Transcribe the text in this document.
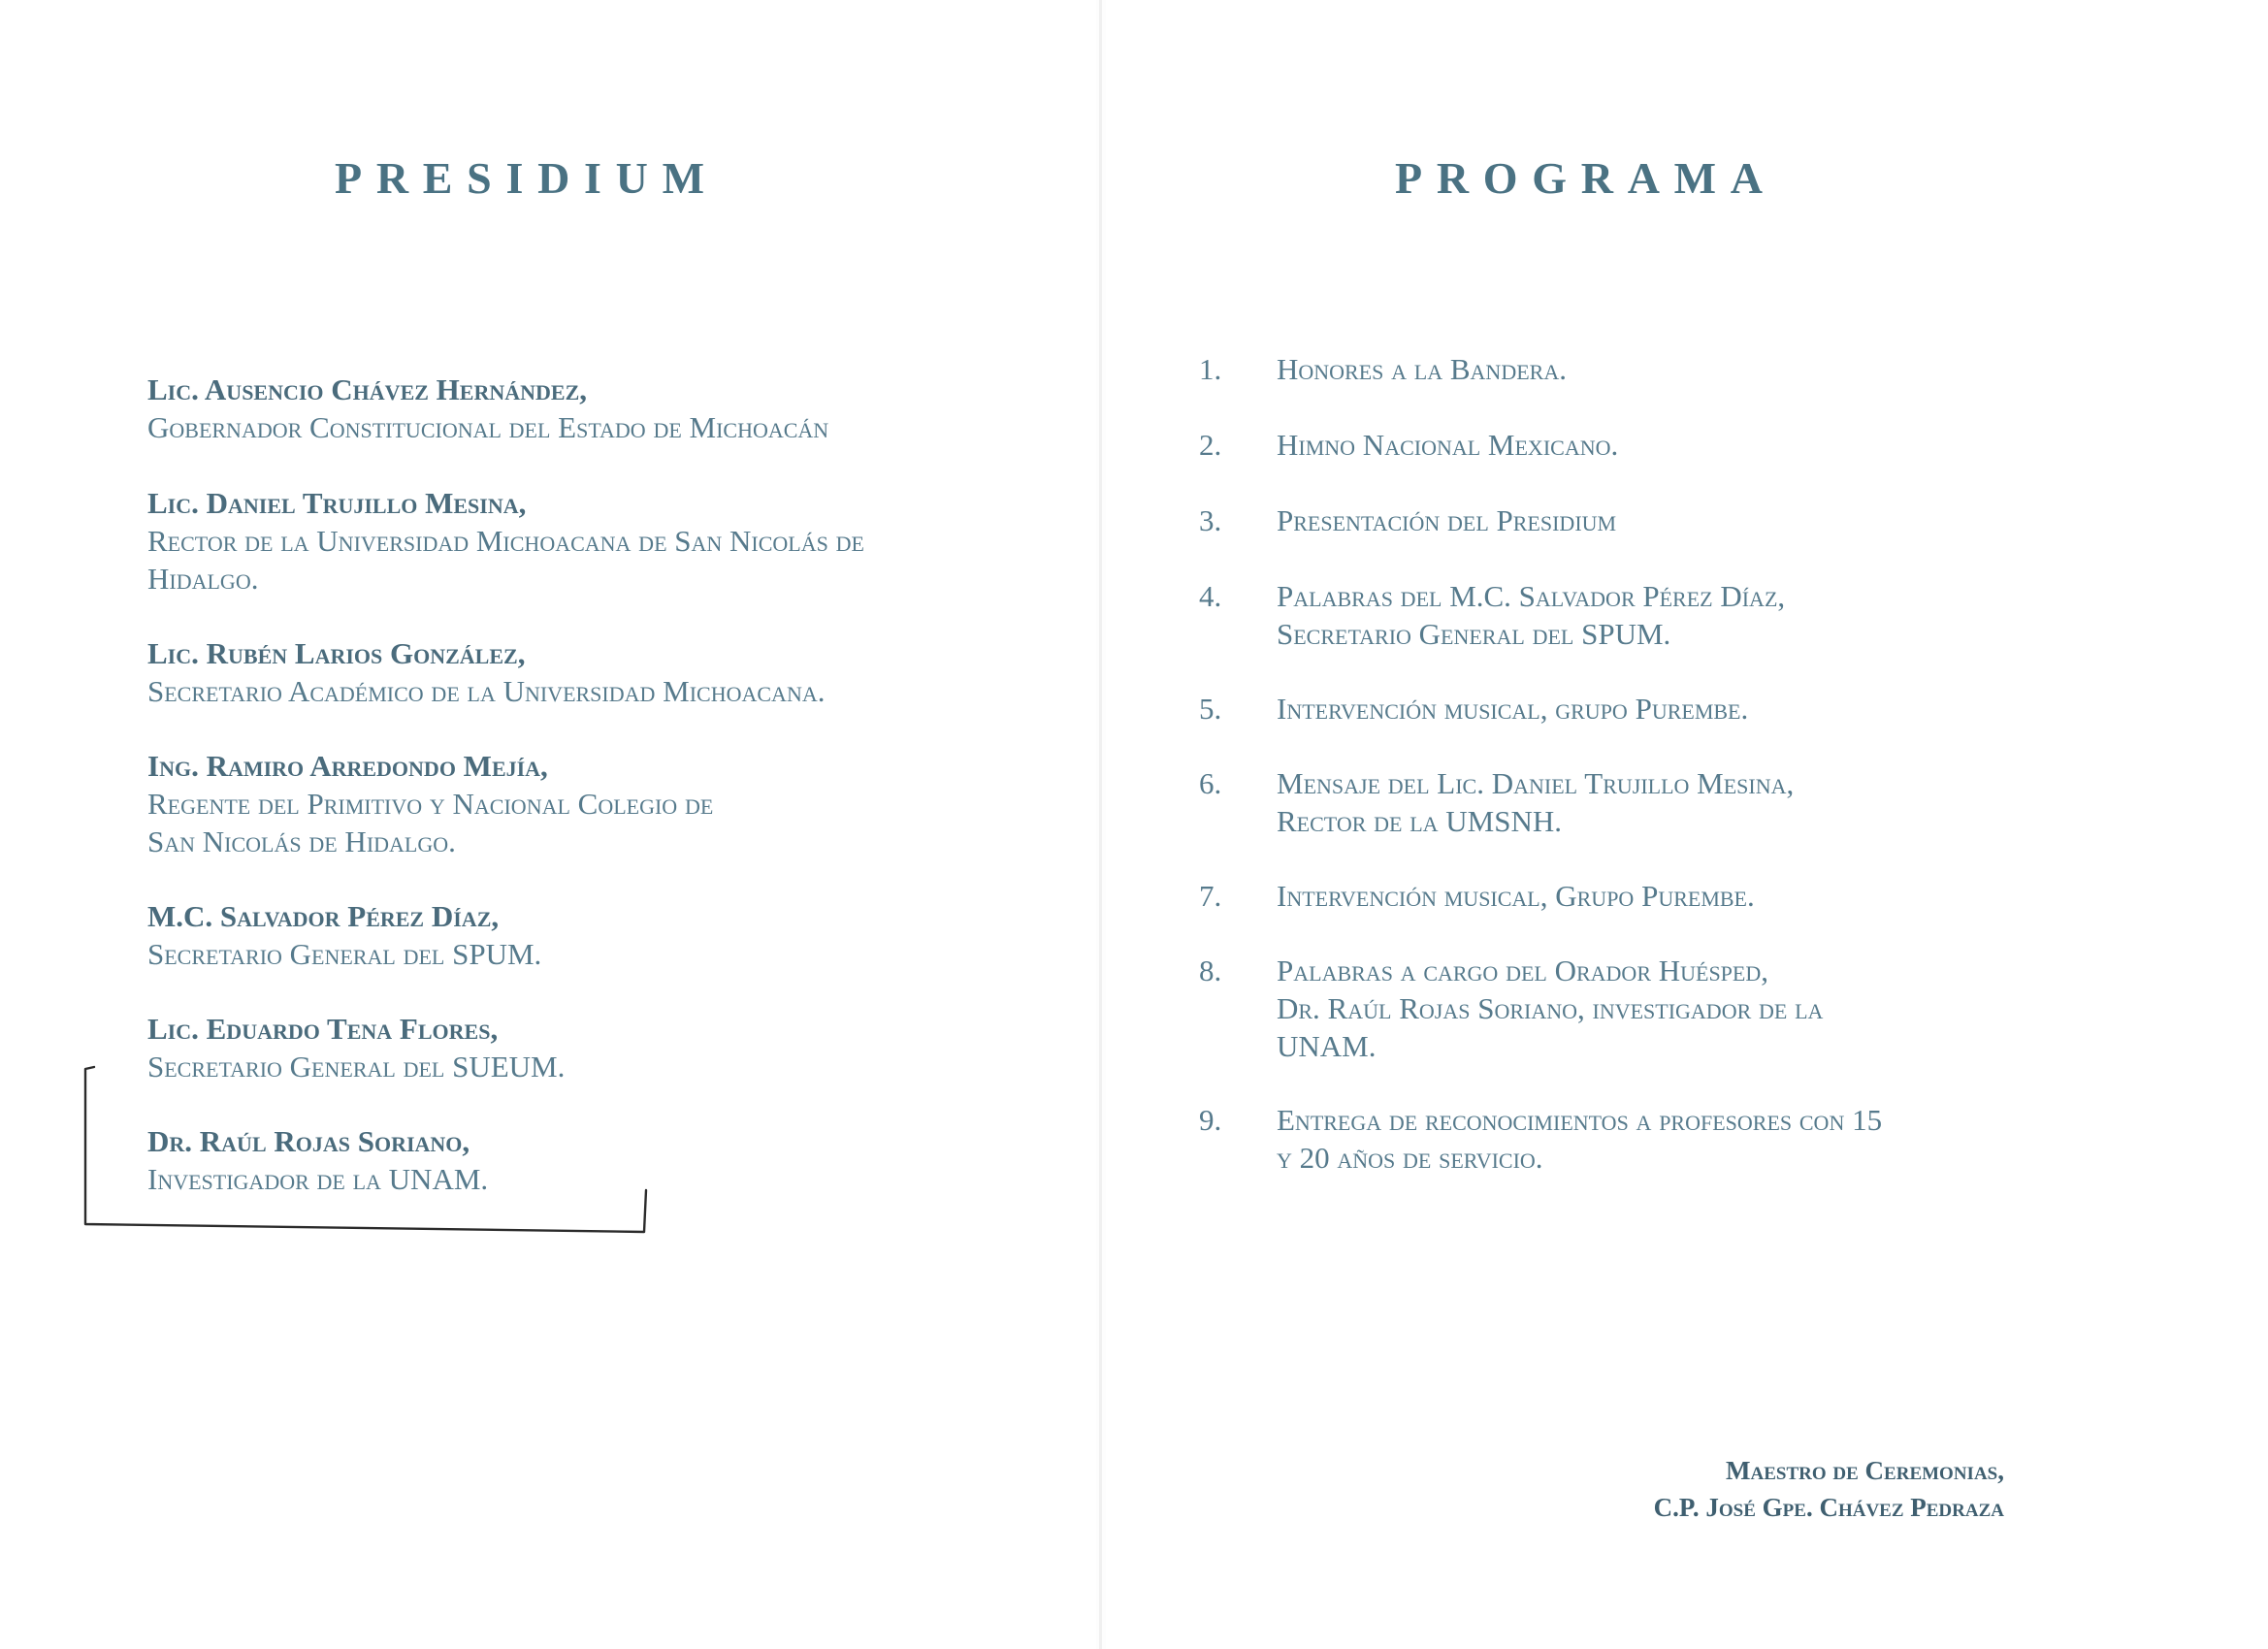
PRESIDIUM
Lic. Ausencio Chávez Hernández,
Gobernador Constitucional del Estado de Michoacán
Lic. Daniel Trujillo Mesina,
Rector de la Universidad Michoacana de San Nicolás de
Hidalgo.
Lic. Rubén Larios González,
Secretario Académico de la Universidad Michoacana.
Ing. Ramiro Arredondo Mejía,
Regente del Primitivo y Nacional Colegio de
San Nicolás de Hidalgo.
M.C. Salvador Pérez Díaz,
Secretario General del SPUM.
Lic. Eduardo Tena Flores,
Secretario General del SUEUM.
Dr. Raúl Rojas Soriano,
Investigador de la UNAM.
PROGRAMA
1. Honores a la Bandera.
2. Himno Nacional Mexicano.
3. Presentación del Presidium
4. Palabras del M.C. Salvador Pérez Díaz,
Secretario General del SPUM.
5. Intervención musical, grupo Purembe.
6. Mensaje del Lic. Daniel Trujillo Mesina,
Rector de la UMSNH.
7. Intervención musical, Grupo Purembe.
8. Palabras a cargo del Orador Huésped,
Dr. Raúl Rojas Soriano, investigador de la
UNAM.
9. Entrega de reconocimientos a profesores con 15
y 20 años de servicio.
Maestro de Ceremonias,
C.P. José Gpe. Chávez Pedraza
